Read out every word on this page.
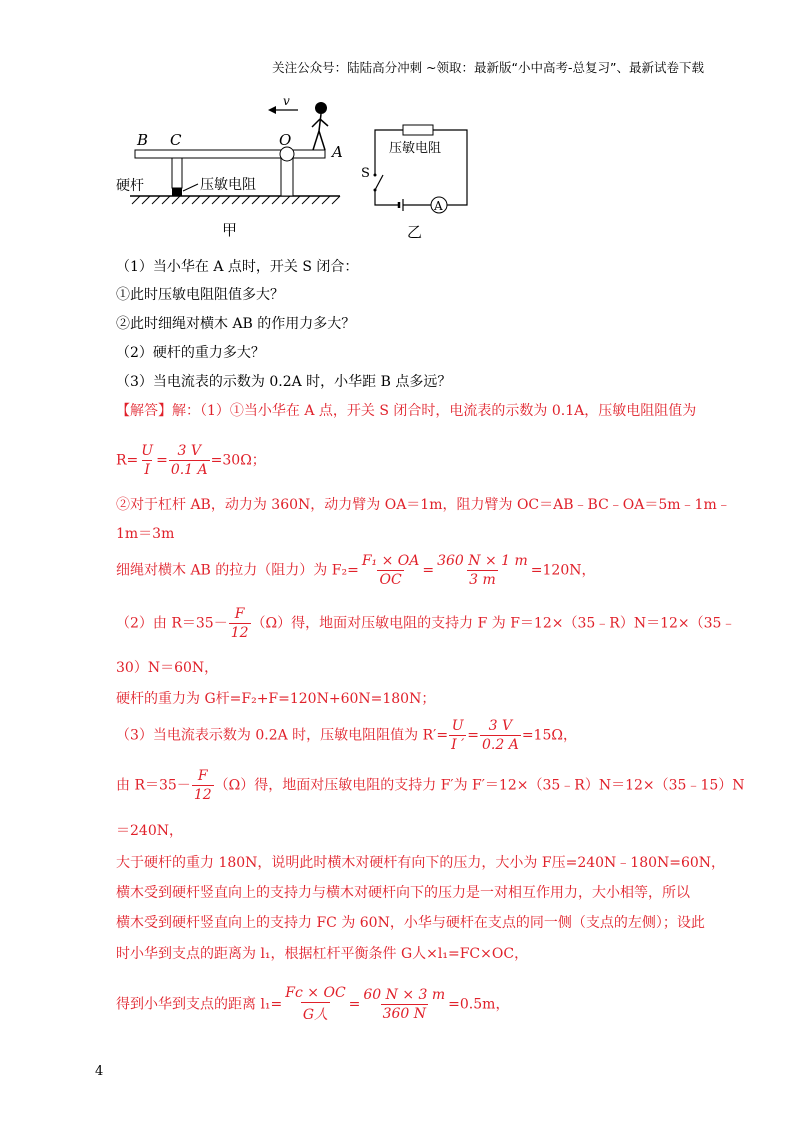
关注公众号：陆陆高分冲刺 ~领取：最新版“小中高考-总复习”、最新试卷下载
B C	O
A
v
硬杆	压敏电阻
甲
A
S
压敏电阻
乙
（1）当小华在 A 点时，开关 S 闭合：
①此时压敏电阻阻值多大？
②此时细绳对横木 AB 的作用力多大？
（2）硬杆的重力多大？
（3）当电流表的示数为 0.2A 时，小华距 B 点多远？
【解答】解：（1）①当小华在 A 点，开关 S 闭合时，电流表的示数为 0.1A，压敏电阻阻值为
$R= \frac{U}{I} = \frac{3 V}{0.1 A} =30\Omega$；
②对于杠杆 AB，动力为 360N，动力臂为 OA＝1m，阻力臂为 OC＝AB﹣BC﹣OA＝5m﹣1m﹣
1m＝3m
细绳对横木 AB 的拉力（阻力）为 $F_2= \frac{\text{F₁ × OA}}{OC} = \frac{360 N \times 1 m}{3 m} =120N$，
（2）由 $R=35- \frac{F}{12} (\Omega)$得，地面对压敏电阻的支持力 F 为 F＝12×（35﹣R）N＝12×（35﹣
30）N＝60N，
硬杆的重力为 G杆=F₂+F=120N+60N=180N；
（3）当电流表示数为 0.2A 时，压敏电阻阻值为 $R'= \frac{U}{I '} = \frac{3 V}{0.2 A} =15\Omega$，
由 $R=35- \frac{F}{12} (\Omega)$得，地面对压敏电阻的支持力 F′为 F′＝12×（35﹣R）N＝12×（35﹣15）N
＝240N，
大于硬杆的重力 180N，说明此时横木对硬杆有向下的压力，大小为 F压=240N﹣180N=60N，
横木受到硬杆竖直向上的支持力与横木对硬杆向下的压力是一对相互作用力，大小相等，所以
横木受到硬杆竖直向上的支持力 FC 为 60N，小华与硬杆在支点的同一侧（支点的左侧）；设此
时小华到支点的距离为 l₁，根据杠杆平衡条件 G人×l₁=FC×OC，
得到小华到支点的距离 $l_1= \frac{Fc \times OC}{\text{G人}} = \frac{60 N \times 3 m}{360 N} =0.5m$，
4
